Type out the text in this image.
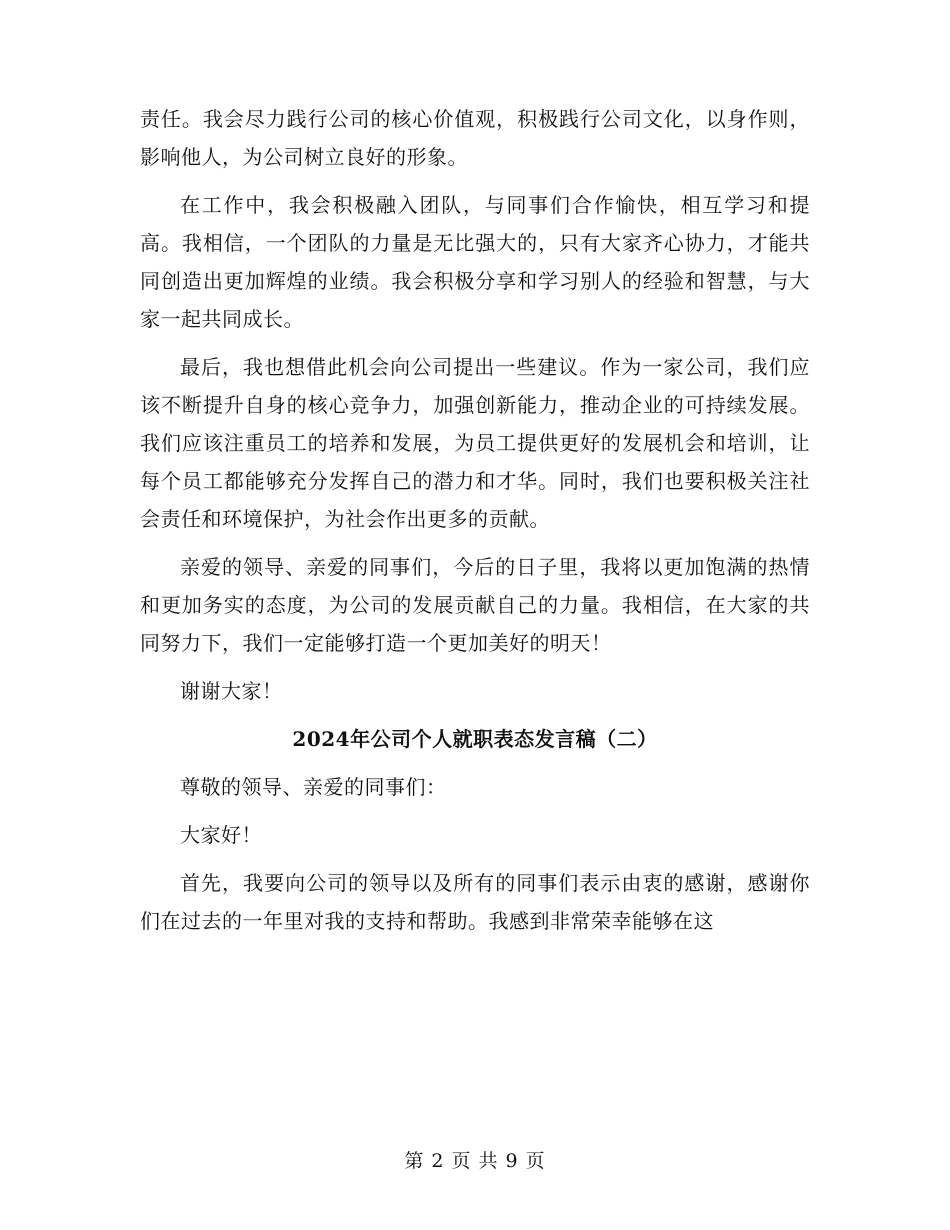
责任。我会尽力践行公司的核心价值观，积极践行公司文化，以身作则，影响他人，为公司树立良好的形象。

在工作中，我会积极融入团队，与同事们合作愉快，相互学习和提高。我相信，一个团队的力量是无比强大的，只有大家齐心协力，才能共同创造出更加辉煌的业绩。我会积极分享和学习别人的经验和智慧，与大家一起共同成长。

最后，我也想借此机会向公司提出一些建议。作为一家公司，我们应该不断提升自身的核心竞争力，加强创新能力，推动企业的可持续发展。我们应该注重员工的培养和发展，为员工提供更好的发展机会和培训，让每个员工都能够充分发挥自己的潜力和才华。同时，我们也要积极关注社会责任和环境保护，为社会作出更多的贡献。

亲爱的领导、亲爱的同事们，今后的日子里，我将以更加饱满的热情和更加务实的态度，为公司的发展贡献自己的力量。我相信，在大家的共同努力下，我们一定能够打造一个更加美好的明天！

谢谢大家！

2024年公司个人就职表态发言稿（二）

尊敬的领导、亲爱的同事们：

大家好！

首先，我要向公司的领导以及所有的同事们表示由衷的感谢，感谢你们在过去的一年里对我的支持和帮助。我感到非常荣幸能够在这

第 2 页 共 9 页
